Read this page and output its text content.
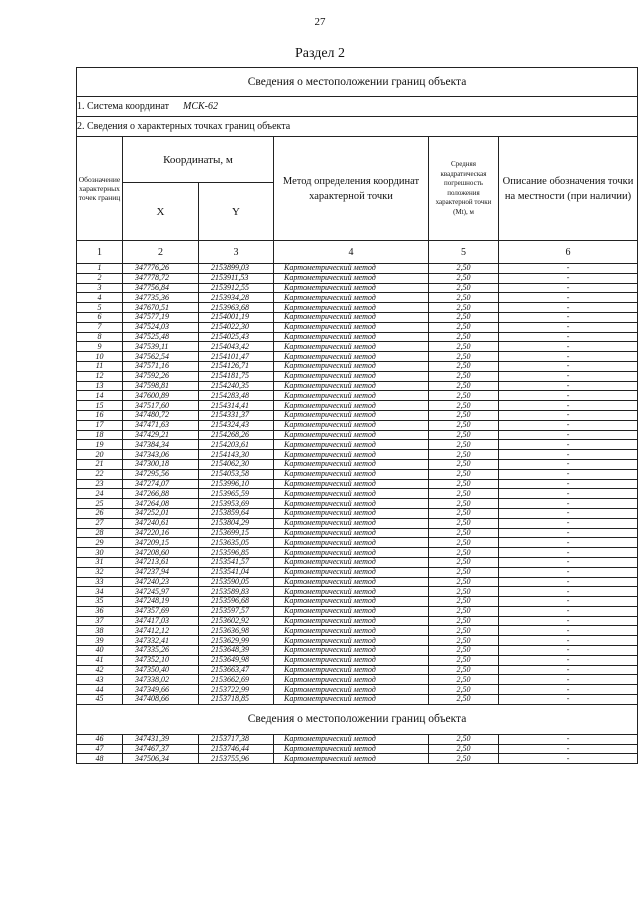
27
Раздел 2
Сведения о местоположении границ объекта					
1. Система координат МСК-62					
2. Сведения о характерных точках границ объекта					
Обозначение характерных точек границ	Координаты, м		Метод определения координат характерной точки	Средняя квадратическая погрешность положения характерной точки (Mt), м	Описание обозначения точки на местности (при наличии)
	X	Y			
1	2	3	4	5	6
1	347776,26	2153899,03	Картометрический метод	2,50	-
2	347778,72	2153911,53	Картометрический метод	2,50	-
3	347756,84	2153912,55	Картометрический метод	2,50	-
4	347735,36	2153934,28	Картометрический метод	2,50	-
5	347670,51	2153963,68	Картометрический метод	2,50	-
6	347577,19	2154001,19	Картометрический метод	2,50	-
7	347524,03	2154022,30	Картометрический метод	2,50	-
8	347525,48	2154025,43	Картометрический метод	2,50	-
9	347539,11	2154043,42	Картометрический метод	2,50	-
10	347562,54	2154101,47	Картометрический метод	2,50	-
11	347571,16	2154126,71	Картометрический метод	2,50	-
12	347592,26	2154181,75	Картометрический метод	2,50	-
13	347598,81	2154240,35	Картометрический метод	2,50	-
14	347600,89	2154283,48	Картометрический метод	2,50	-
15	347517,60	2154314,41	Картометрический метод	2,50	-
16	347480,72	2154331,37	Картометрический метод	2,50	-
17	347471,63	2154324,43	Картометрический метод	2,50	-
18	347429,21	2154268,26	Картометрический метод	2,50	-
19	347384,34	2154203,61	Картометрический метод	2,50	-
20	347343,06	2154143,30	Картометрический метод	2,50	-
21	347300,18	2154062,30	Картометрический метод	2,50	-
22	347295,56	2154053,58	Картометрический метод	2,50	-
23	347274,07	2153996,10	Картометрический метод	2,50	-
24	347266,88	2153965,59	Картометрический метод	2,50	-
25	347264,08	2153953,69	Картометрический метод	2,50	-
26	347252,01	2153859,64	Картометрический метод	2,50	-
27	347240,61	2153804,29	Картометрический метод	2,50	-
28	347220,16	2153699,15	Картометрический метод	2,50	-
29	347209,15	2153635,05	Картометрический метод	2,50	-
30	347208,60	2153596,85	Картометрический метод	2,50	-
31	347213,61	2153541,57	Картометрический метод	2,50	-
32	347237,94	2153541,04	Картометрический метод	2,50	-
33	347240,23	2153590,05	Картометрический метод	2,50	-
34	347245,97	2153589,83	Картометрический метод	2,50	-
35	347248,19	2153596,68	Картометрический метод	2,50	-
36	347357,69	2153597,57	Картометрический метод	2,50	-
37	347417,03	2153602,92	Картометрический метод	2,50	-
38	347412,12	2153636,98	Картометрический метод	2,50	-
39	347332,41	2153629,99	Картометрический метод	2,50	-
40	347335,26	2153648,39	Картометрический метод	2,50	-
41	347352,10	2153649,98	Картометрический метод	2,50	-
42	347350,40	2153663,47	Картометрический метод	2,50	-
43	347338,02	2153662,69	Картометрический метод	2,50	-
44	347349,66	2153722,99	Картометрический метод	2,50	-
45	347408,66	2153718,85	Картометрический метод	2,50	-
Сведения о местоположении границ объекта					
46	347431,39	2153717,38	Картометрический метод	2,50	-
47	347467,37	2153746,44	Картометрический метод	2,50	-
48	347506,34	2153755,96	Картометрический метод	2,50	-
